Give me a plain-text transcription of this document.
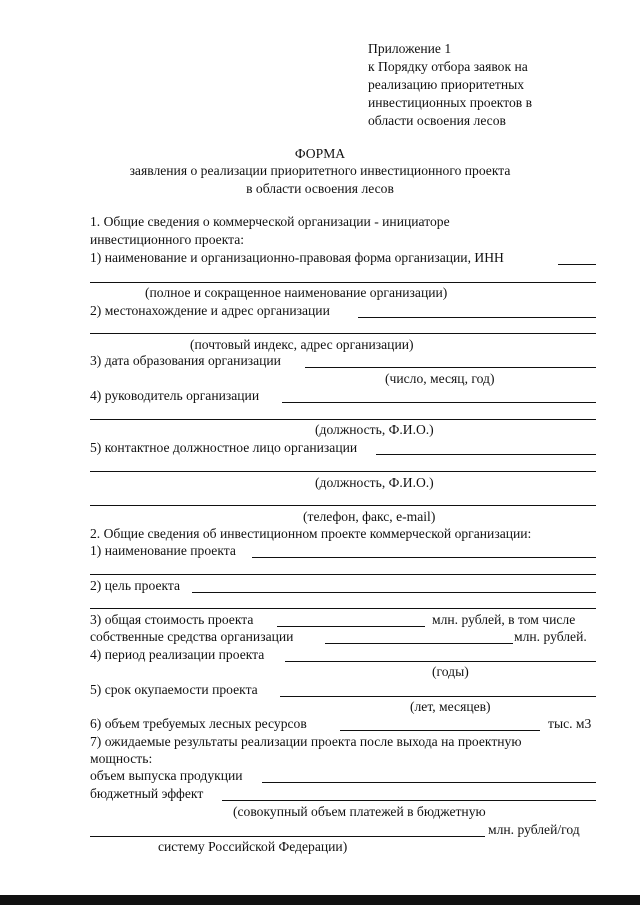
Приложение 1
к Порядку отбора заявок на
реализацию приоритетных
инвестиционных проектов в
области освоения лесов
ФОРМА
заявления о реализации приоритетного инвестиционного проекта
в области освоения лесов
1. Общие сведения о коммерческой организации - инициаторе
инвестиционного проекта:
1) наименование и организационно-правовая форма организации, ИНН
(полное и сокращенное наименование организации)
2) местонахождение и адрес организации
(почтовый индекс, адрес организации)
3) дата образования организации
(число, месяц, год)
4) руководитель организации
(должность, Ф.И.О.)
5) контактное должностное лицо организации
(должность, Ф.И.О.)
(телефон, факс, e-mail)
2. Общие сведения об инвестиционном проекте коммерческой организации:
1) наименование проекта
2) цель проекта
3) общая стоимость проекта	млн. рублей, в том числе
собственные средства организации	млн. рублей.
4) период реализации проекта
(годы)
5) срок окупаемости проекта
(лет, месяцев)
6) объем требуемых лесных ресурсов	тыс. м3
7) ожидаемые результаты реализации проекта после выхода на проектную
мощность:
объем выпуска продукции
бюджетный эффект
(совокупный объем платежей в бюджетную
млн. рублей/год
систему Российской Федерации)
